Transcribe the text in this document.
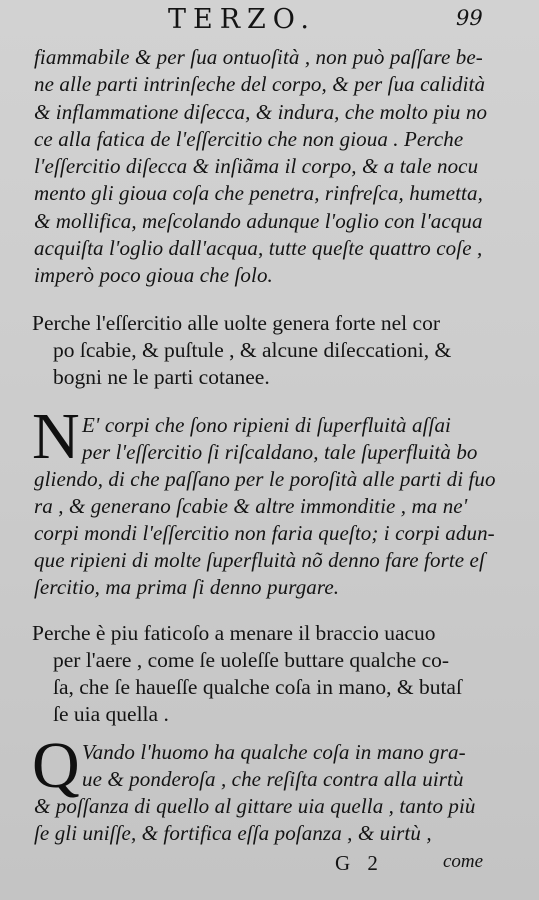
TERZO.	99
fiammabile & per ſua ontuoſità , non può paſſare be-
ne alle parti intrinſeche del corpo, & per ſua calidità
& inflammatione diſecca, & indura, che molto piu no
ce alla fatica de l'eſſercitio che non gioua . Perche
l'eſſercitio diſecca & inſiãma il corpo, & a tale nocu
mento gli gioua coſa che penetra, rinfreſca, humetta,
& mollifica, meſcolando adunque l'oglio con l'acqua
acquiſta l'oglio dall'acqua, tutte queſte quattro coſe ,
imperò poco gioua che ſolo.
Perche l'eſſercitio alle uolte genera forte nel cor
po ſcabie, & puſtule , & alcune diſeccationi, &
bogni ne le parti cotanee.
N E' corpi che ſono ripieni di ſuperfluità aſſai
per l'eſſercitio ſi riſcaldano, tale ſuperfluità bo
gliendo, di che paſſano per le poroſità alle parti di fuo
ra , & generano ſcabie & altre immonditie , ma ne'
corpi mondi l'eſſercitio non faria queſto; i corpi adun-
que ripieni di molte ſuperfluità nõ denno fare forte eſ
ſercitio, ma prima ſi denno purgare.
Perche è piu faticoſo a menare il braccio uacuo
per l'aere , come ſe uoleſſe buttare qualche co-
ſa, che ſe haueſſe qualche coſa in mano, & butaſ
ſe uia quella .
Q Vando l'huomo ha qualche coſa in mano gra-
ue & ponderoſa , che reſiſta contra alla uirtù
& poſſanza di quello al gittare uia quella , tanto più
ſe gli uniſſe, & fortifica eſſa poſanza , & uirtù ,
G 2	come
